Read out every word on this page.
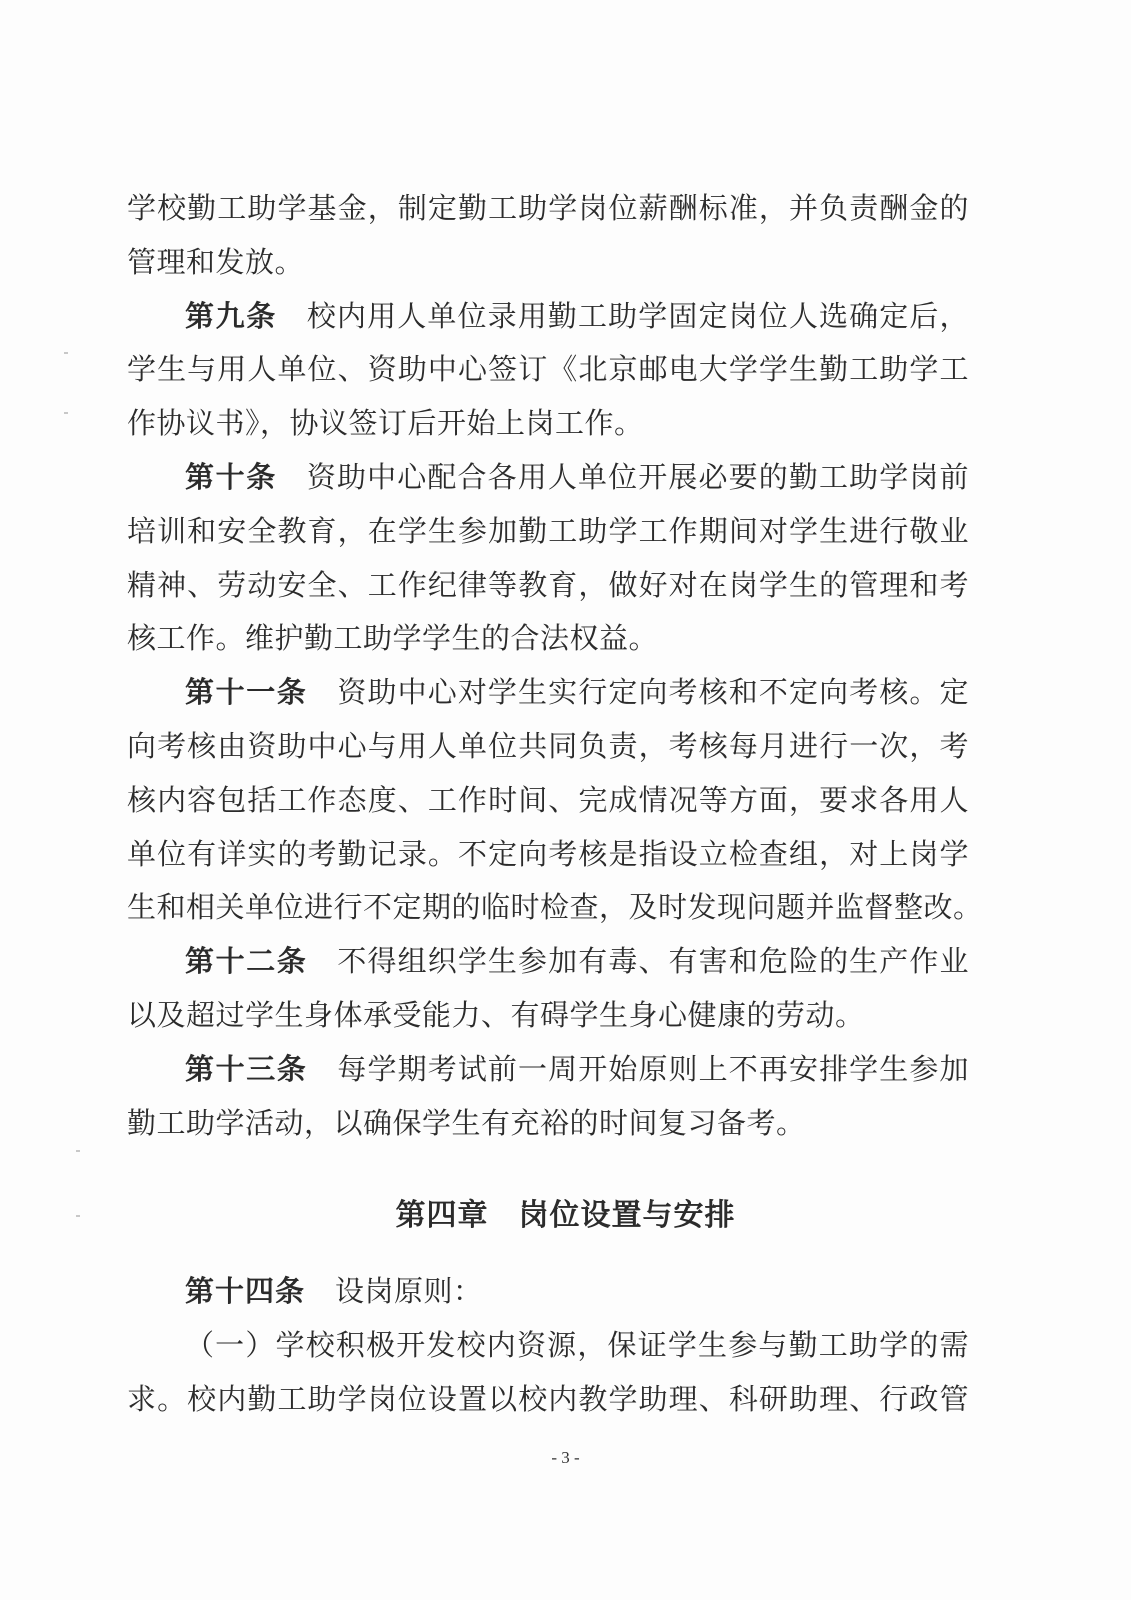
学校勤工助学基金，制定勤工助学岗位薪酬标准，并负责酬金的
管理和发放。
第九条 校内用人单位录用勤工助学固定岗位人选确定后，
学生与用人单位、资助中心签订《北京邮电大学学生勤工助学工
作协议书》，协议签订后开始上岗工作。
第十条 资助中心配合各用人单位开展必要的勤工助学岗前
培训和安全教育，在学生参加勤工助学工作期间对学生进行敬业
精神、劳动安全、工作纪律等教育，做好对在岗学生的管理和考
核工作。维护勤工助学学生的合法权益。
第十一条 资助中心对学生实行定向考核和不定向考核。定
向考核由资助中心与用人单位共同负责，考核每月进行一次，考
核内容包括工作态度、工作时间、完成情况等方面，要求各用人
单位有详实的考勤记录。不定向考核是指设立检查组，对上岗学
生和相关单位进行不定期的临时检查，及时发现问题并监督整改。
第十二条 不得组织学生参加有毒、有害和危险的生产作业
以及超过学生身体承受能力、有碍学生身心健康的劳动。
第十三条 每学期考试前一周开始原则上不再安排学生参加
勤工助学活动，以确保学生有充裕的时间复习备考。
第四章 岗位设置与安排
第十四条 设岗原则：
（一）学校积极开发校内资源，保证学生参与勤工助学的需
求。校内勤工助学岗位设置以校内教学助理、科研助理、行政管
- 3 -
